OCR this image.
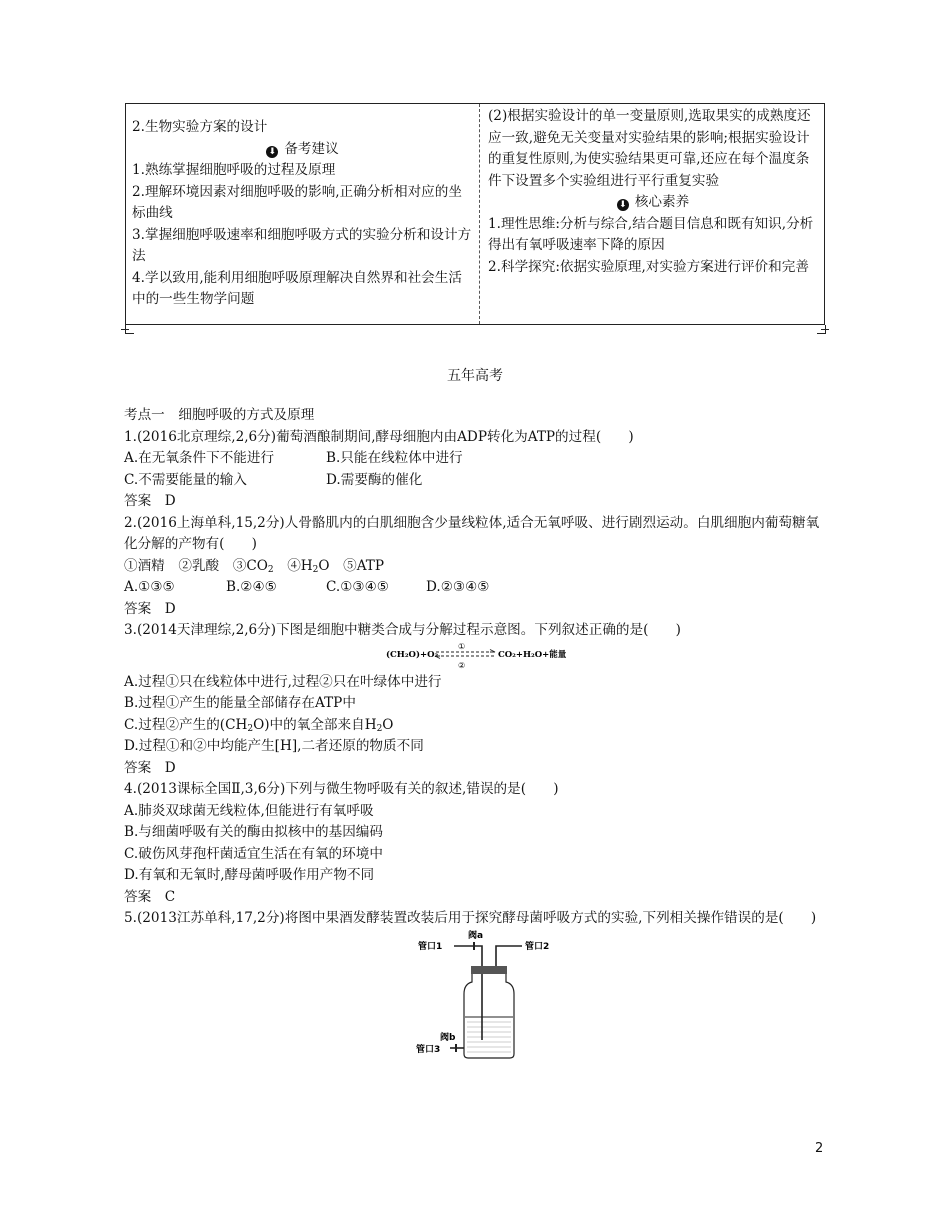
2.生物实验方案的设计
⬇ 备考建议
1.熟练掌握细胞呼吸的过程及原理
2.理解环境因素对细胞呼吸的影响,正确分析相对应的坐标曲线
3.掌握细胞呼吸速率和细胞呼吸方式的实验分析和设计方法
4.学以致用,能利用细胞呼吸原理解决自然界和社会生活中的一些生物学问题
(2)根据实验设计的单一变量原则,选取果实的成熟度还应一致,避免无关变量对实验结果的影响;根据实验设计的重复性原则,为使实验结果更可靠,还应在每个温度条件下设置多个实验组进行平行重复实验
⬇ 核心素养
1.理性思维:分析与综合,结合题目信息和既有知识,分析得出有氧呼吸速率下降的原因
2.科学探究:依据实验原理,对实验方案进行评价和完善
五年高考

考点一　细胞呼吸的方式及原理

1.(2016北京理综,2,6分)葡萄酒酿制期间,酵母细胞内由ADP转化为ATP的过程(　　)

A.在无氧条件下不能进行	B.只能在线粒体中进行
C.不需要能量的输入	D.需要酶的催化

答案　D

2.(2016上海单科,15,2分)人骨骼肌内的白肌细胞含少量线粒体,适合无氧呼吸、进行剧烈运动。白肌细胞内葡萄糖氧化分解的产物有(　　)

①酒精　②乳酸　$③CO_2$　$④H_2O$　⑤ATP

A.①③⑤	B.②④⑤	C.①③④⑤	D.②③④⑤

答案　D

3.(2014天津理综,2,6分)下图是细胞中糖类合成与分解过程示意图。下列叙述正确的是(　　)

(CH₂O)+O₂
①
②
CO₂+H₂O+能量

A.过程①只在线粒体中进行,过程②只在叶绿体中进行

B.过程①产生的能量全部储存在ATP中

C.过程②产生的$(CH_2O)$中的氧全部来自$H_2O$

D.过程①和②中均能产生[H],二者还原的物质不同

答案　D

4.(2013课标全国Ⅱ,3,6分)下列与微生物呼吸有关的叙述,错误的是(　　)

A.肺炎双球菌无线粒体,但能进行有氧呼吸

B.与细菌呼吸有关的酶由拟核中的基因编码

C.破伤风芽孢杆菌适宜生活在有氧的环境中

D.有氧和无氧时,酵母菌呼吸作用产物不同

答案　C

5.(2013江苏单科,17,2分)将图中果酒发酵装置改装后用于探究酵母菌呼吸方式的实验,下列相关操作错误的是(　　)

阀a
管口1	管口2
阀b
管口3
2
